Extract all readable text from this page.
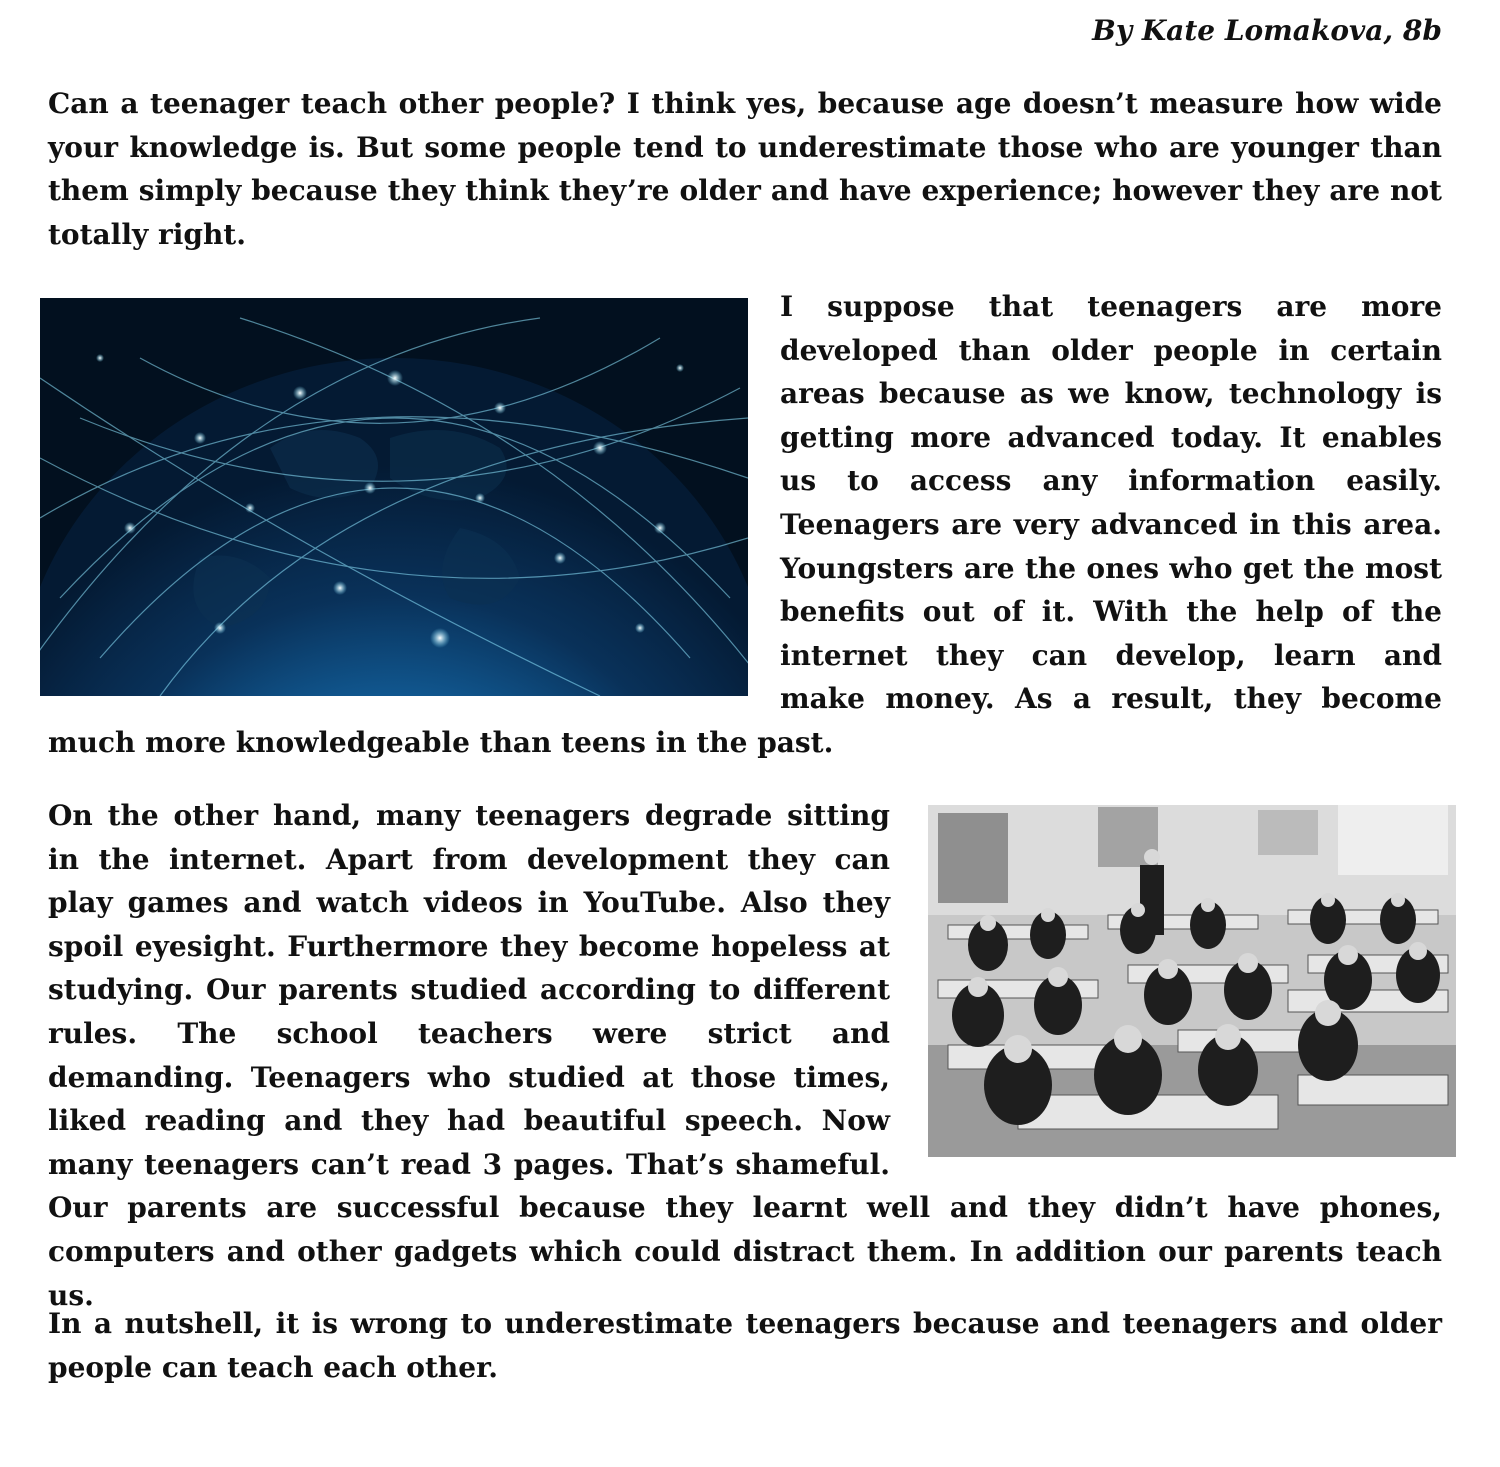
By Kate Lomakova, 8b

Can a teenager teach other people? I think yes, because age doesn’t measure how wide your knowledge is. But some people tend to underestimate those who are younger than them simply because they think they’re older and have experience; however they are not totally right.

I suppose that teenagers are more developed than older people in certain areas because as we know, technology is getting more advanced today. It enables us to access any information easily. Teenagers are very advanced in this area. Youngsters are the ones who get the most benefits out of it. With the help of the internet they can develop, learn and make money. As a result, they become much more knowledgeable than teens in the past.
On the other hand, many teenagers degrade sitting in the internet. Apart from development they can play games and watch videos in YouTube. Also they spoil eyesight. Furthermore they become hopeless at studying. Our parents studied according to different rules. The school teachers were strict and demanding. Teenagers who studied at those times, liked reading and they had beautiful speech. Now many teenagers can’t read 3 pages. That’s shameful. Our parents are successful because they learnt well and they didn’t have phones, computers and other gadgets which could distract them. In addition our parents teach us.

In a nutshell, it is wrong to underestimate teenagers because and teenagers and older people can teach each other.
